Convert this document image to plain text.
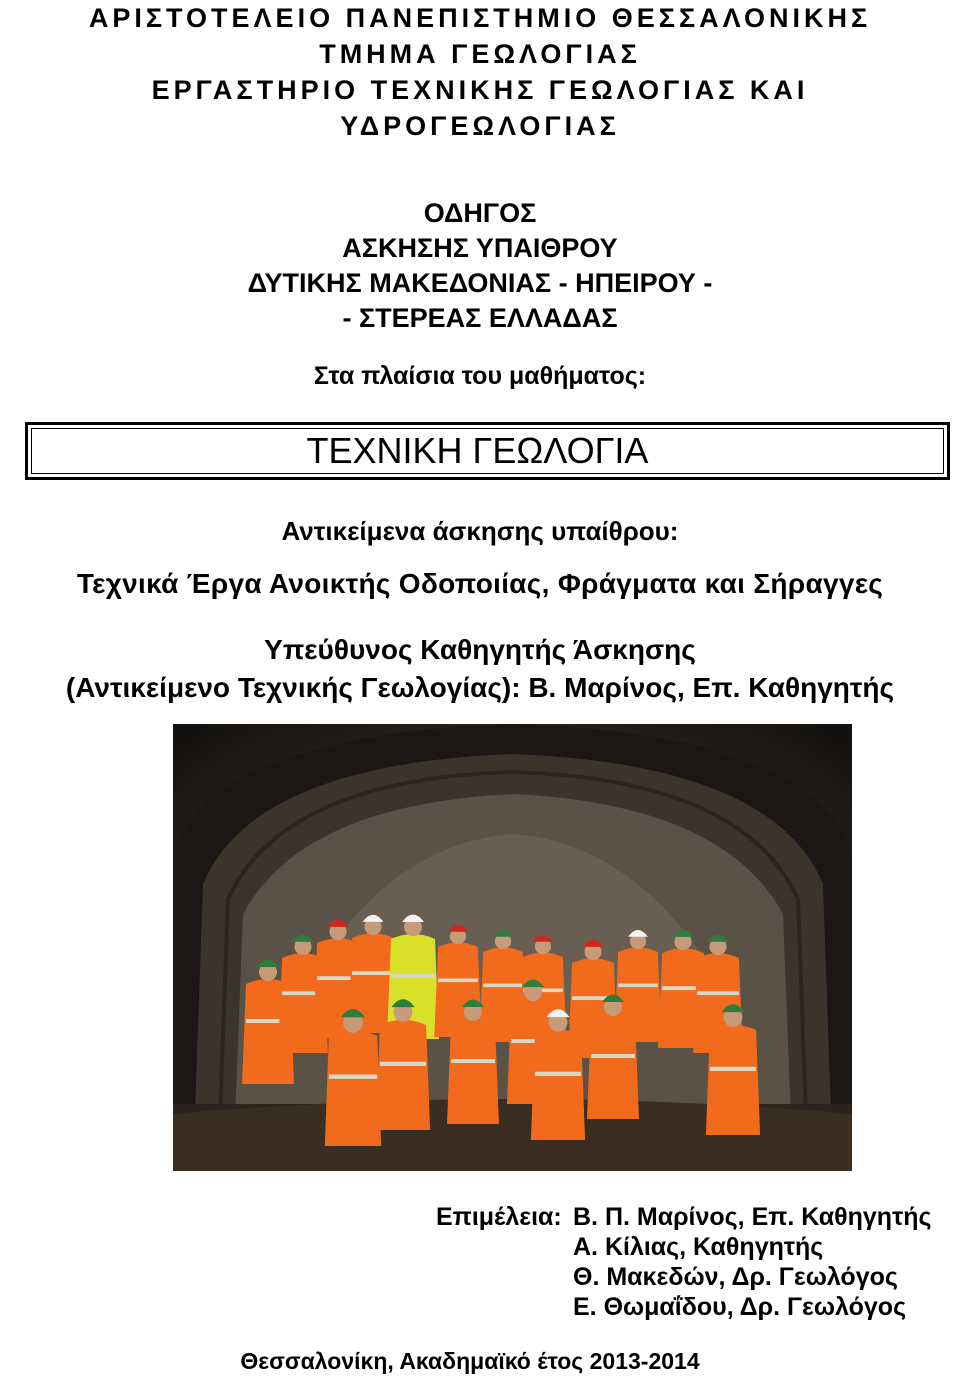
ΑΡΙΣΤΟΤΕΛΕΙΟ ΠΑΝΕΠΙΣΤΗΜΙΟ ΘΕΣΣΑΛΟΝΙΚΗΣ
ΤΜΗΜΑ ΓΕΩΛΟΓΙΑΣ
ΕΡΓΑΣΤΗΡΙΟ ΤΕΧΝΙΚΗΣ ΓΕΩΛΟΓΙΑΣ ΚΑΙ
ΥΔΡΟΓΕΩΛΟΓΙΑΣ
ΟΔΗΓΟΣ
ΑΣΚΗΣΗΣ ΥΠΑΙΘΡΟΥ
ΔΥΤΙΚΗΣ ΜΑΚΕΔΟΝΙΑΣ - ΗΠΕΙΡΟΥ -
- ΣΤΕΡΕΑΣ ΕΛΛΑΔΑΣ
Στα πλαίσια του μαθήματος:
ΤΕΧΝΙΚΗ ΓΕΩΛΟΓΙΑ
Αντικείμενα άσκησης υπαίθρου:
Τεχνικά Έργα Ανοικτής Οδοποιίας, Φράγματα και Σήραγγες
Υπεύθυνος Καθηγητής Άσκησης
(Αντικείμενο Τεχνικής Γεωλογίας): Β. Μαρίνος, Επ. Καθηγητής
Επιμέλεια: Β. Π. Μαρίνος, Επ. Καθηγητής
Α. Κίλιας, Καθηγητής
Θ. Μακεδών, Δρ. Γεωλόγος
Ε. Θωμαΐδου, Δρ. Γεωλόγος
Θεσσαλονίκη, Ακαδημαϊκό έτος 2013-2014
